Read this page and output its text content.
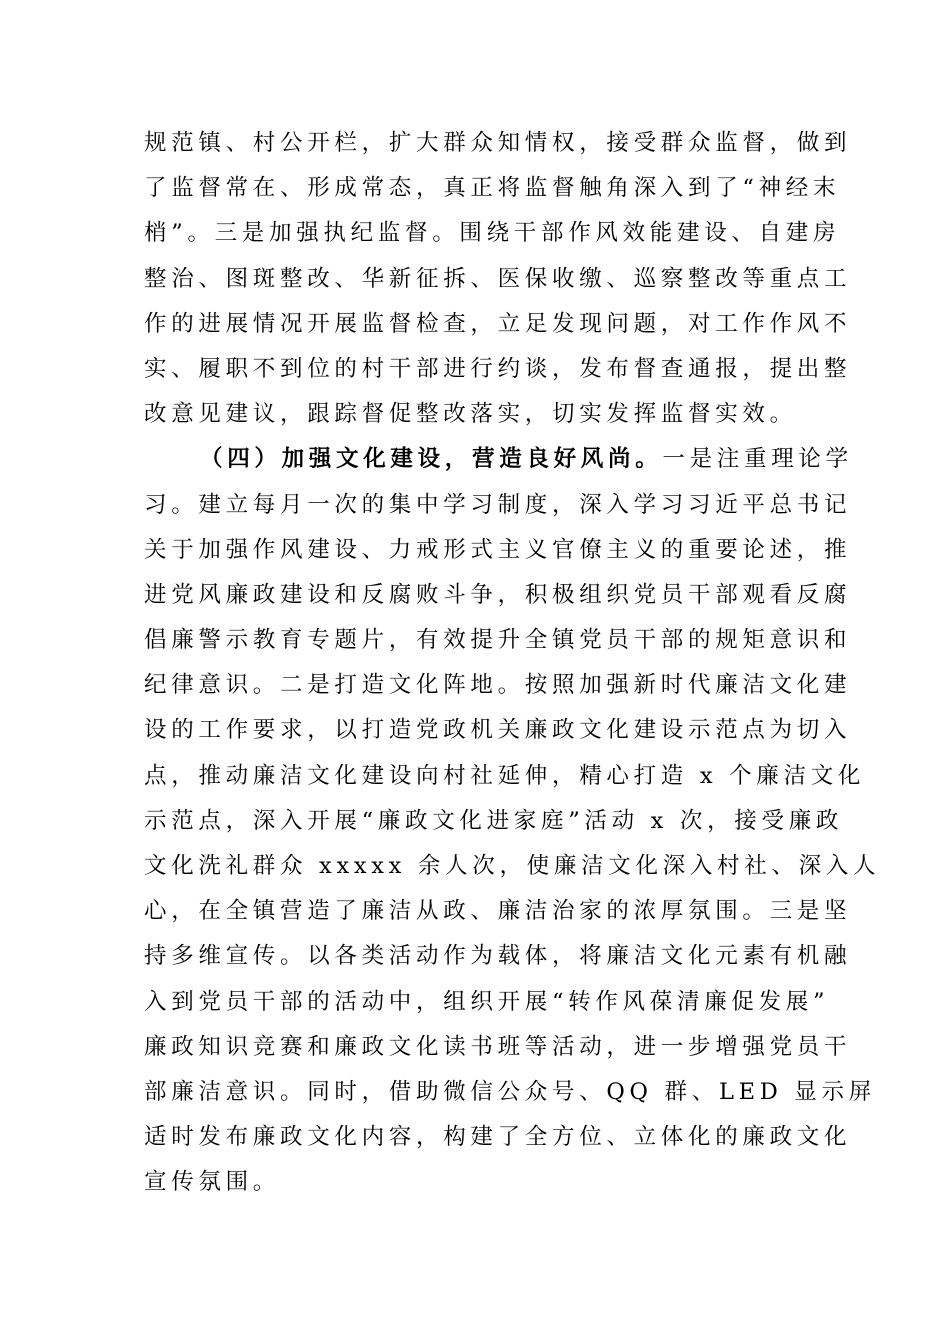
规范镇、村公开栏，扩大群众知情权，接受群众监督，做到
了监督常在、形成常态，真正将监督触角深入到了“神经末
梢”。三是加强执纪监督。围绕干部作风效能建设、自建房
整治、图斑整改、华新征拆、医保收缴、巡察整改等重点工
作的进展情况开展监督检查，立足发现问题，对工作作风不
实、履职不到位的村干部进行约谈，发布督查通报，提出整
改意见建议，跟踪督促整改落实，切实发挥监督实效。
（四）加强文化建设，营造良好风尚。一是注重理论学
习。建立每月一次的集中学习制度，深入学习习近平总书记
关于加强作风建设、力戒形式主义官僚主义的重要论述，推
进党风廉政建设和反腐败斗争，积极组织党员干部观看反腐
倡廉警示教育专题片，有效提升全镇党员干部的规矩意识和
纪律意识。二是打造文化阵地。按照加强新时代廉洁文化建
设的工作要求，以打造党政机关廉政文化建设示范点为切入
点，推动廉洁文化建设向村社延伸，精心打造 x 个廉洁文化
示范点，深入开展“廉政文化进家庭”活动 x 次，接受廉政
文化洗礼群众 xxxxx 余人次，使廉洁文化深入村社、深入人
心，在全镇营造了廉洁从政、廉洁治家的浓厚氛围。三是坚
持多维宣传。以各类活动作为载体，将廉洁文化元素有机融
入到党员干部的活动中，组织开展“转作风葆清廉促发展”
廉政知识竞赛和廉政文化读书班等活动，进一步增强党员干
部廉洁意识。同时，借助微信公众号、QQ 群、LED 显示屏
适时发布廉政文化内容，构建了全方位、立体化的廉政文化
宣传氛围。
